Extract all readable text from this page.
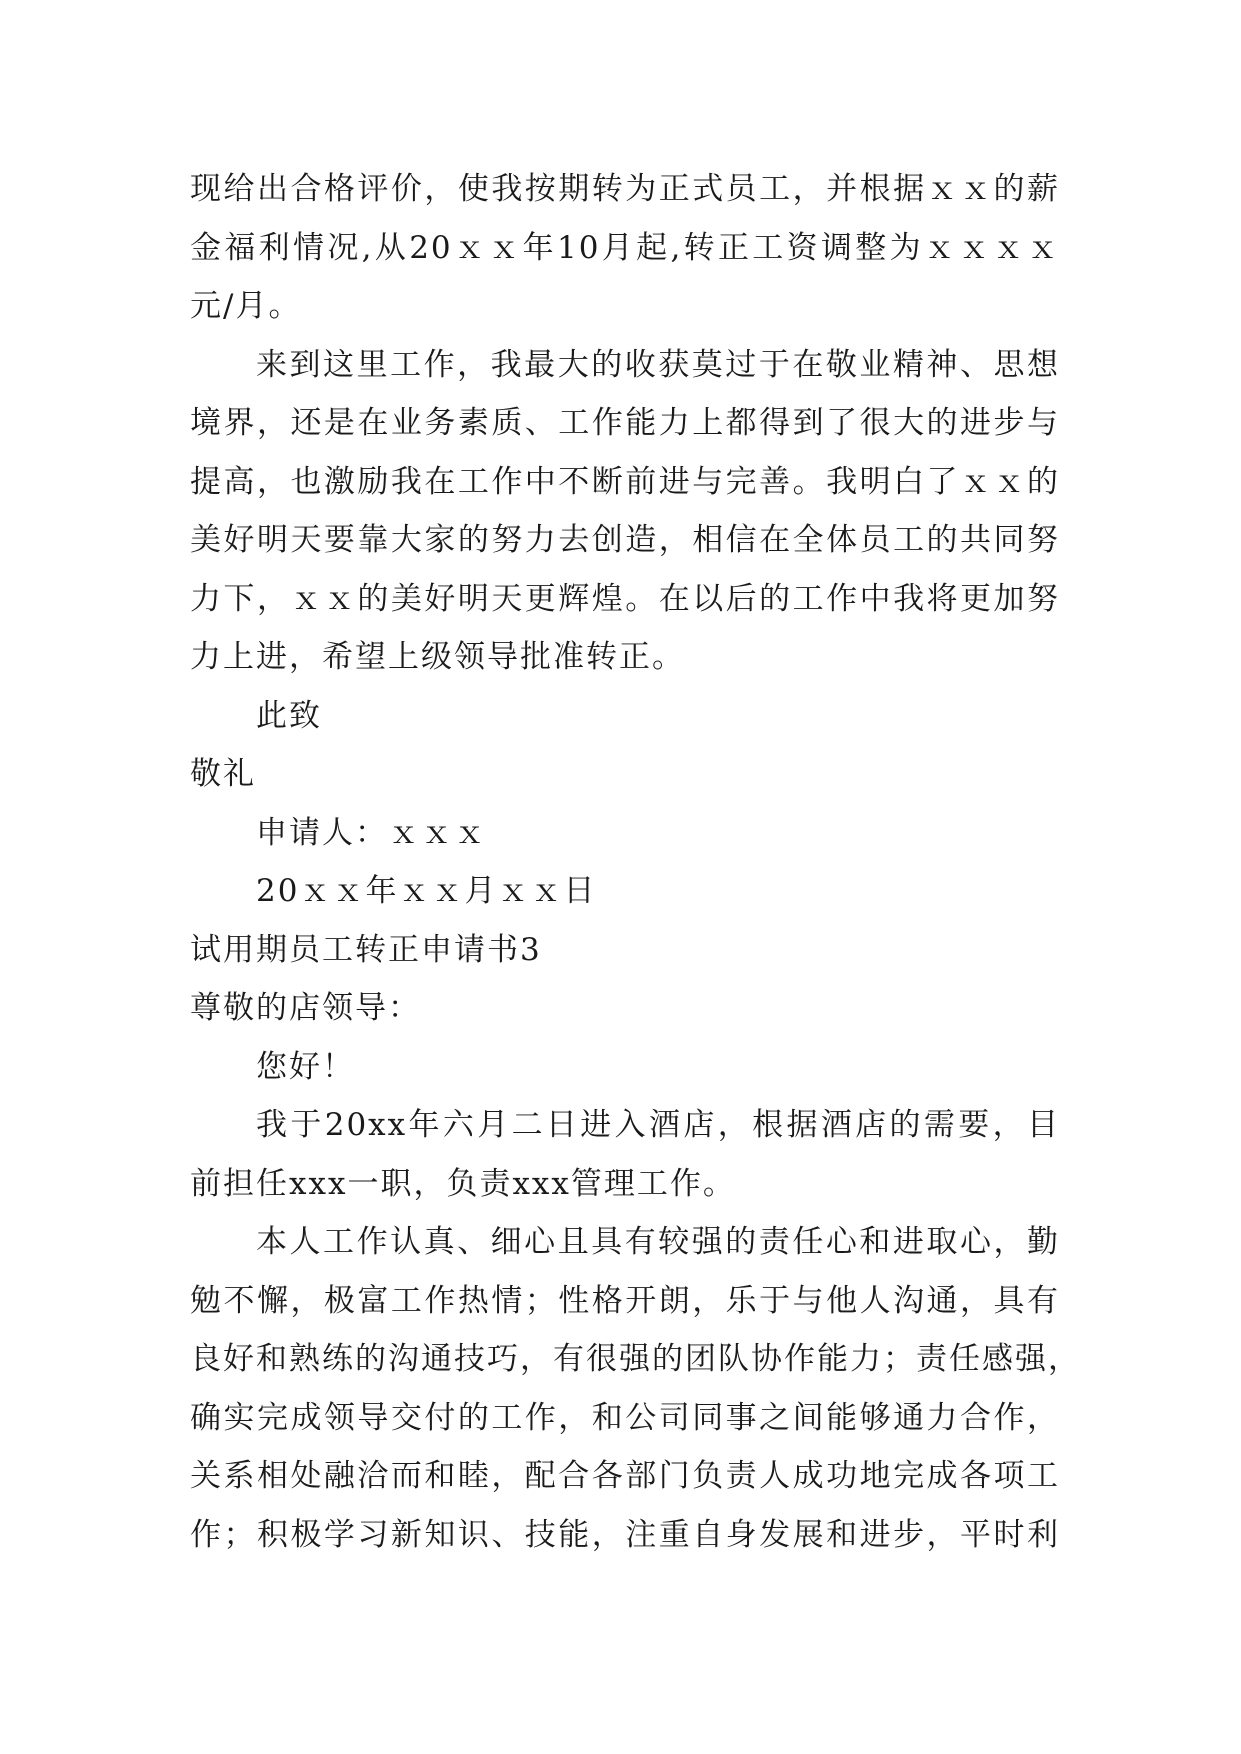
现给出合格评价，使我按期转为正式员工，并根据ｘｘ的薪
金福利情况,从20ｘｘ年10月起,转正工资调整为ｘｘｘｘ
元/月。
来到这里工作，我最大的收获莫过于在敬业精神、思想
境界，还是在业务素质、工作能力上都得到了很大的进步与
提高，也激励我在工作中不断前进与完善。我明白了ｘｘ的
美好明天要靠大家的努力去创造，相信在全体员工的共同努
力下，ｘｘ的美好明天更辉煌。在以后的工作中我将更加努
力上进，希望上级领导批准转正。
此致
敬礼
申请人：ｘｘｘ
20ｘｘ年ｘｘ月ｘｘ日
试用期员工转正申请书3
尊敬的店领导：
您好！
我于20xx年六月二日进入酒店，根据酒店的需要，目
前担任xxx一职，负责xxx管理工作。
本人工作认真、细心且具有较强的责任心和进取心，勤
勉不懈，极富工作热情；性格开朗，乐于与他人沟通，具有
良好和熟练的沟通技巧，有很强的团队协作能力；责任感强，
确实完成领导交付的工作，和公司同事之间能够通力合作，
关系相处融洽而和睦，配合各部门负责人成功地完成各项工
作；积极学习新知识、技能，注重自身发展和进步，平时利
